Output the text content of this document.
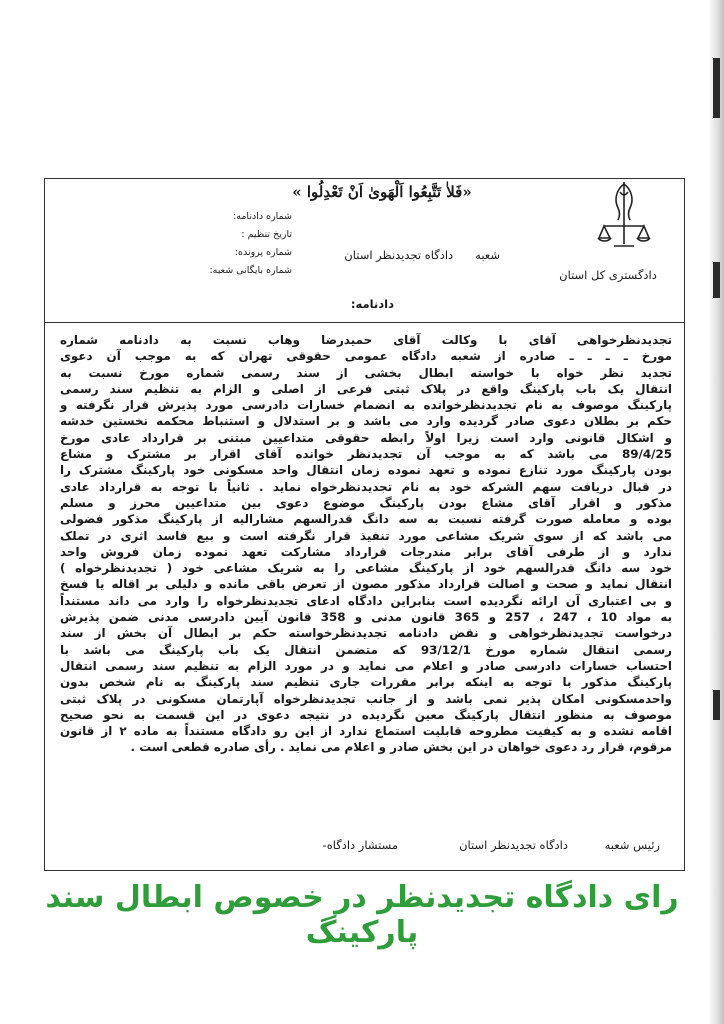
«فَلاٰ تَتَّبِعُوا اَلْهَوىٰ اَنْ تَعْدِلُوا »
دادگستری کل استان
شعبهدادگاه تجدیدنظر استان
شماره دادنامه:
تاریخ تنظیم :
شماره پرونده:
شماره بایگانی شعبه:
دادنامه:

تجدیدنظرخواهی آقای با وکالت آقای حمیدرضا وهاب نسبت به دادنامه شماره

مورخ ـ ـ ـ ـ صادره از شعبه دادگاه عمومی حقوقی تهران که به موجب آن دعوی

تجدید نظر خواه با خواسته ابطال بخشی از سند رسمی شماره مورخ نسبت به

انتقال یک باب پارکینگ واقع در پلاک ثبتی فرعی از اصلی و الزام به تنظیم سند رسمی

پارکینگ موصوف به نام تجدیدنظرخوانده به انضمام خسارات دادرسی مورد پذیرش قرار نگرفته و

حکم بر بطلان دعوی صادر گردیده وارد می باشد و بر استدلال و استنباط محکمه نخستین خدشه

و اشکال قانونی وارد است زیرا اولاً رابطه حقوقی متداعیین مبتنی بر قرارداد عادی مورخ

89/4/25 می باشد که به موجب آن تجدیدنظر خوانده آقای اقرار بر مشترک و مشاع

بودن پارکینگ مورد تنازع نموده و تعهد نموده زمان انتقال واحد مسکونی خود پارکینگ مشترک را

در قبال دریافت سهم الشرکه خود به نام تجدیدنظرخواه نماید . ثانیاً با توجه به قرارداد عادی

مذکور و اقرار آقای مشاع بودن پارکینگ موضوع دعوی بین متداعیین محرز و مسلم

بوده و معامله صورت گرفته نسبت به سه دانگ قدرالسهم مشارالیه از پارکینگ مذکور فضولی

می باشد که از سوی شریک مشاعی مورد تنفیذ قرار نگرفته است و بیع فاسد اثری در تملک

ندارد و از طرفی آقای برابر مندرجات قرارداد مشارکت تعهد نموده زمان فروش واحد

خود سه دانگ قدرالسهم خود از پارکینگ مشاعی را به شریک مشاعی خود ( تجدیدنظرخواه )

انتقال نماید و صحت و اصالت قرارداد مذکور مصون از تعرض باقی مانده و دلیلی بر اقاله یا فسخ

و بی اعتباری آن ارائه نگردیده است بنابراین دادگاه ادعای تجدیدنظرخواه را وارد می داند مستنداً

به مواد 10 ، 247 ، 257 و 365 قانون مدنی و 358 قانون آیین دادرسی مدنی ضمن پذیرش

درخواست تجدیدنظرخواهی و نقض دادنامه تجدیدنظرخواسته حکم بر ابطال آن بخش از سند

رسمی انتقال شماره مورخ 93/12/1 که متضمن انتقال یک باب پارکینگ می باشد با

احتساب خسارات دادرسی صادر و اعلام می نماید و در مورد الزام به تنظیم سند رسمی انتقال

پارکینگ مذکور با توجه به اینکه برابر مقررات جاری تنظیم سند پارکینگ به نام شخص بدون

واحدمسکونی امکان پذیر نمی باشد و از جانب تجدیدنظرخواه آپارتمان مسکونی در پلاک ثبتی

موصوف به منظور انتقال پارکینگ معین نگردیده در نتیجه دعوی در این قسمت به نحو صحیح

اقامه نشده و به کیفیت مطروحه قابلیت استماع ندارد از این رو دادگاه مستنداً به ماده ۲ از قانون

مرقوم، قرار رد دعوی خواهان در این بخش صادر و اعلام می نماید . رأی صادره قطعی است .

رئیس شعبه
دادگاه تجدیدنظر استان
مستشار دادگاه-
رای دادگاه تجدیدنظر در خصوص ابطال سند پارکینگ
